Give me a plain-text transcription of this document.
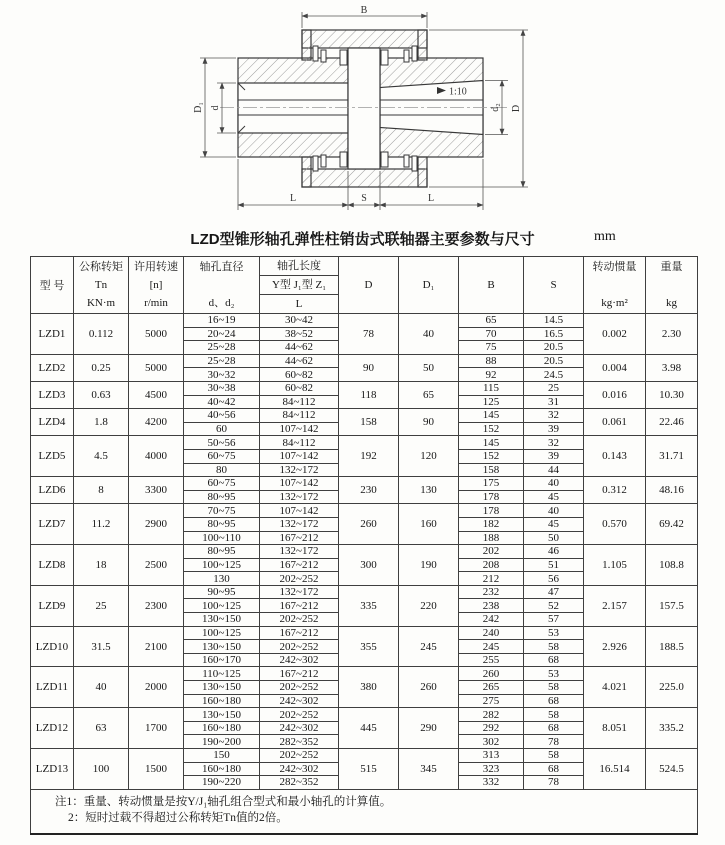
B
D₁ d	d₂ D
1:10
L	S	L
LZD型锥形轴孔弹性柱销齿式联轴器主要参数与尺寸	mm
型 号	
公称转矩
Tn
KN·m

许用转速
[n]
r/min

轴孔直径
d、d₂

轴孔长度
Y型 J₁型 Z₁
L
	D	D₁	B	S	
转动惯量
kg·m²

重量
kg

LZD1	0.112	5000	16~19	30~42	78	40	65	14.5	0.002	2.30
			20~24	38~52			70	16.5		
			25~28	44~62			75	20.5		
LZD2	0.25	5000	25~28	44~62	90	50	88	20.5	0.004	3.98
			30~32	60~82			92	24.5		
LZD3	0.63	4500	30~38	60~82	118	65	115	25	0.016	10.30
			40~42	84~112			125	31		
LZD4	1.8	4200	40~56	84~112	158	90	145	32	0.061	22.46
			60	107~142			152	39		
LZD5	4.5	4000	50~56	84~112	192	120	145	32	0.143	31.71
			60~75	107~142			152	39		
			80	132~172			158	44		
LZD6	8	3300	60~75	107~142	230	130	175	40	0.312	48.16
			80~95	132~172			178	45		
LZD7	11.2	2900	70~75	107~142	260	160	178	40	0.570	69.42
			80~95	132~172			182	45		
			100~110	167~212			188	50		
LZD8	18	2500	80~95	132~172	300	190	202	46	1.105	108.8
			100~125	167~212			208	51		
			130	202~252			212	56		
LZD9	25	2300	90~95	132~172	335	220	232	47	2.157	157.5
			100~125	167~212			238	52		
			130~150	202~252			242	57		
LZD10	31.5	2100	100~125	167~212	355	245	240	53	2.926	188.5
			130~150	202~252			245	58		
			160~170	242~302			255	68		
LZD11	40	2000	110~125	167~212	380	260	260	53	4.021	225.0
			130~150	202~252			265	58		
			160~180	242~302			275	68		
LZD12	63	1700	130~150	202~252	445	290	282	58	8.051	335.2
			160~180	242~302			292	68		
			190~200	282~352			302	78		
LZD13	100	1500	150	202~252	515	345	313	58	16.514	524.5
			160~180	242~302			323	68		
			190~220	282~352			332	78		

注1：重量、转动惯量是按Y/J₁轴孔组合型式和最小轴孔的计算值。
2：短时过载不得超过公称转矩Tn值的2倍。										
